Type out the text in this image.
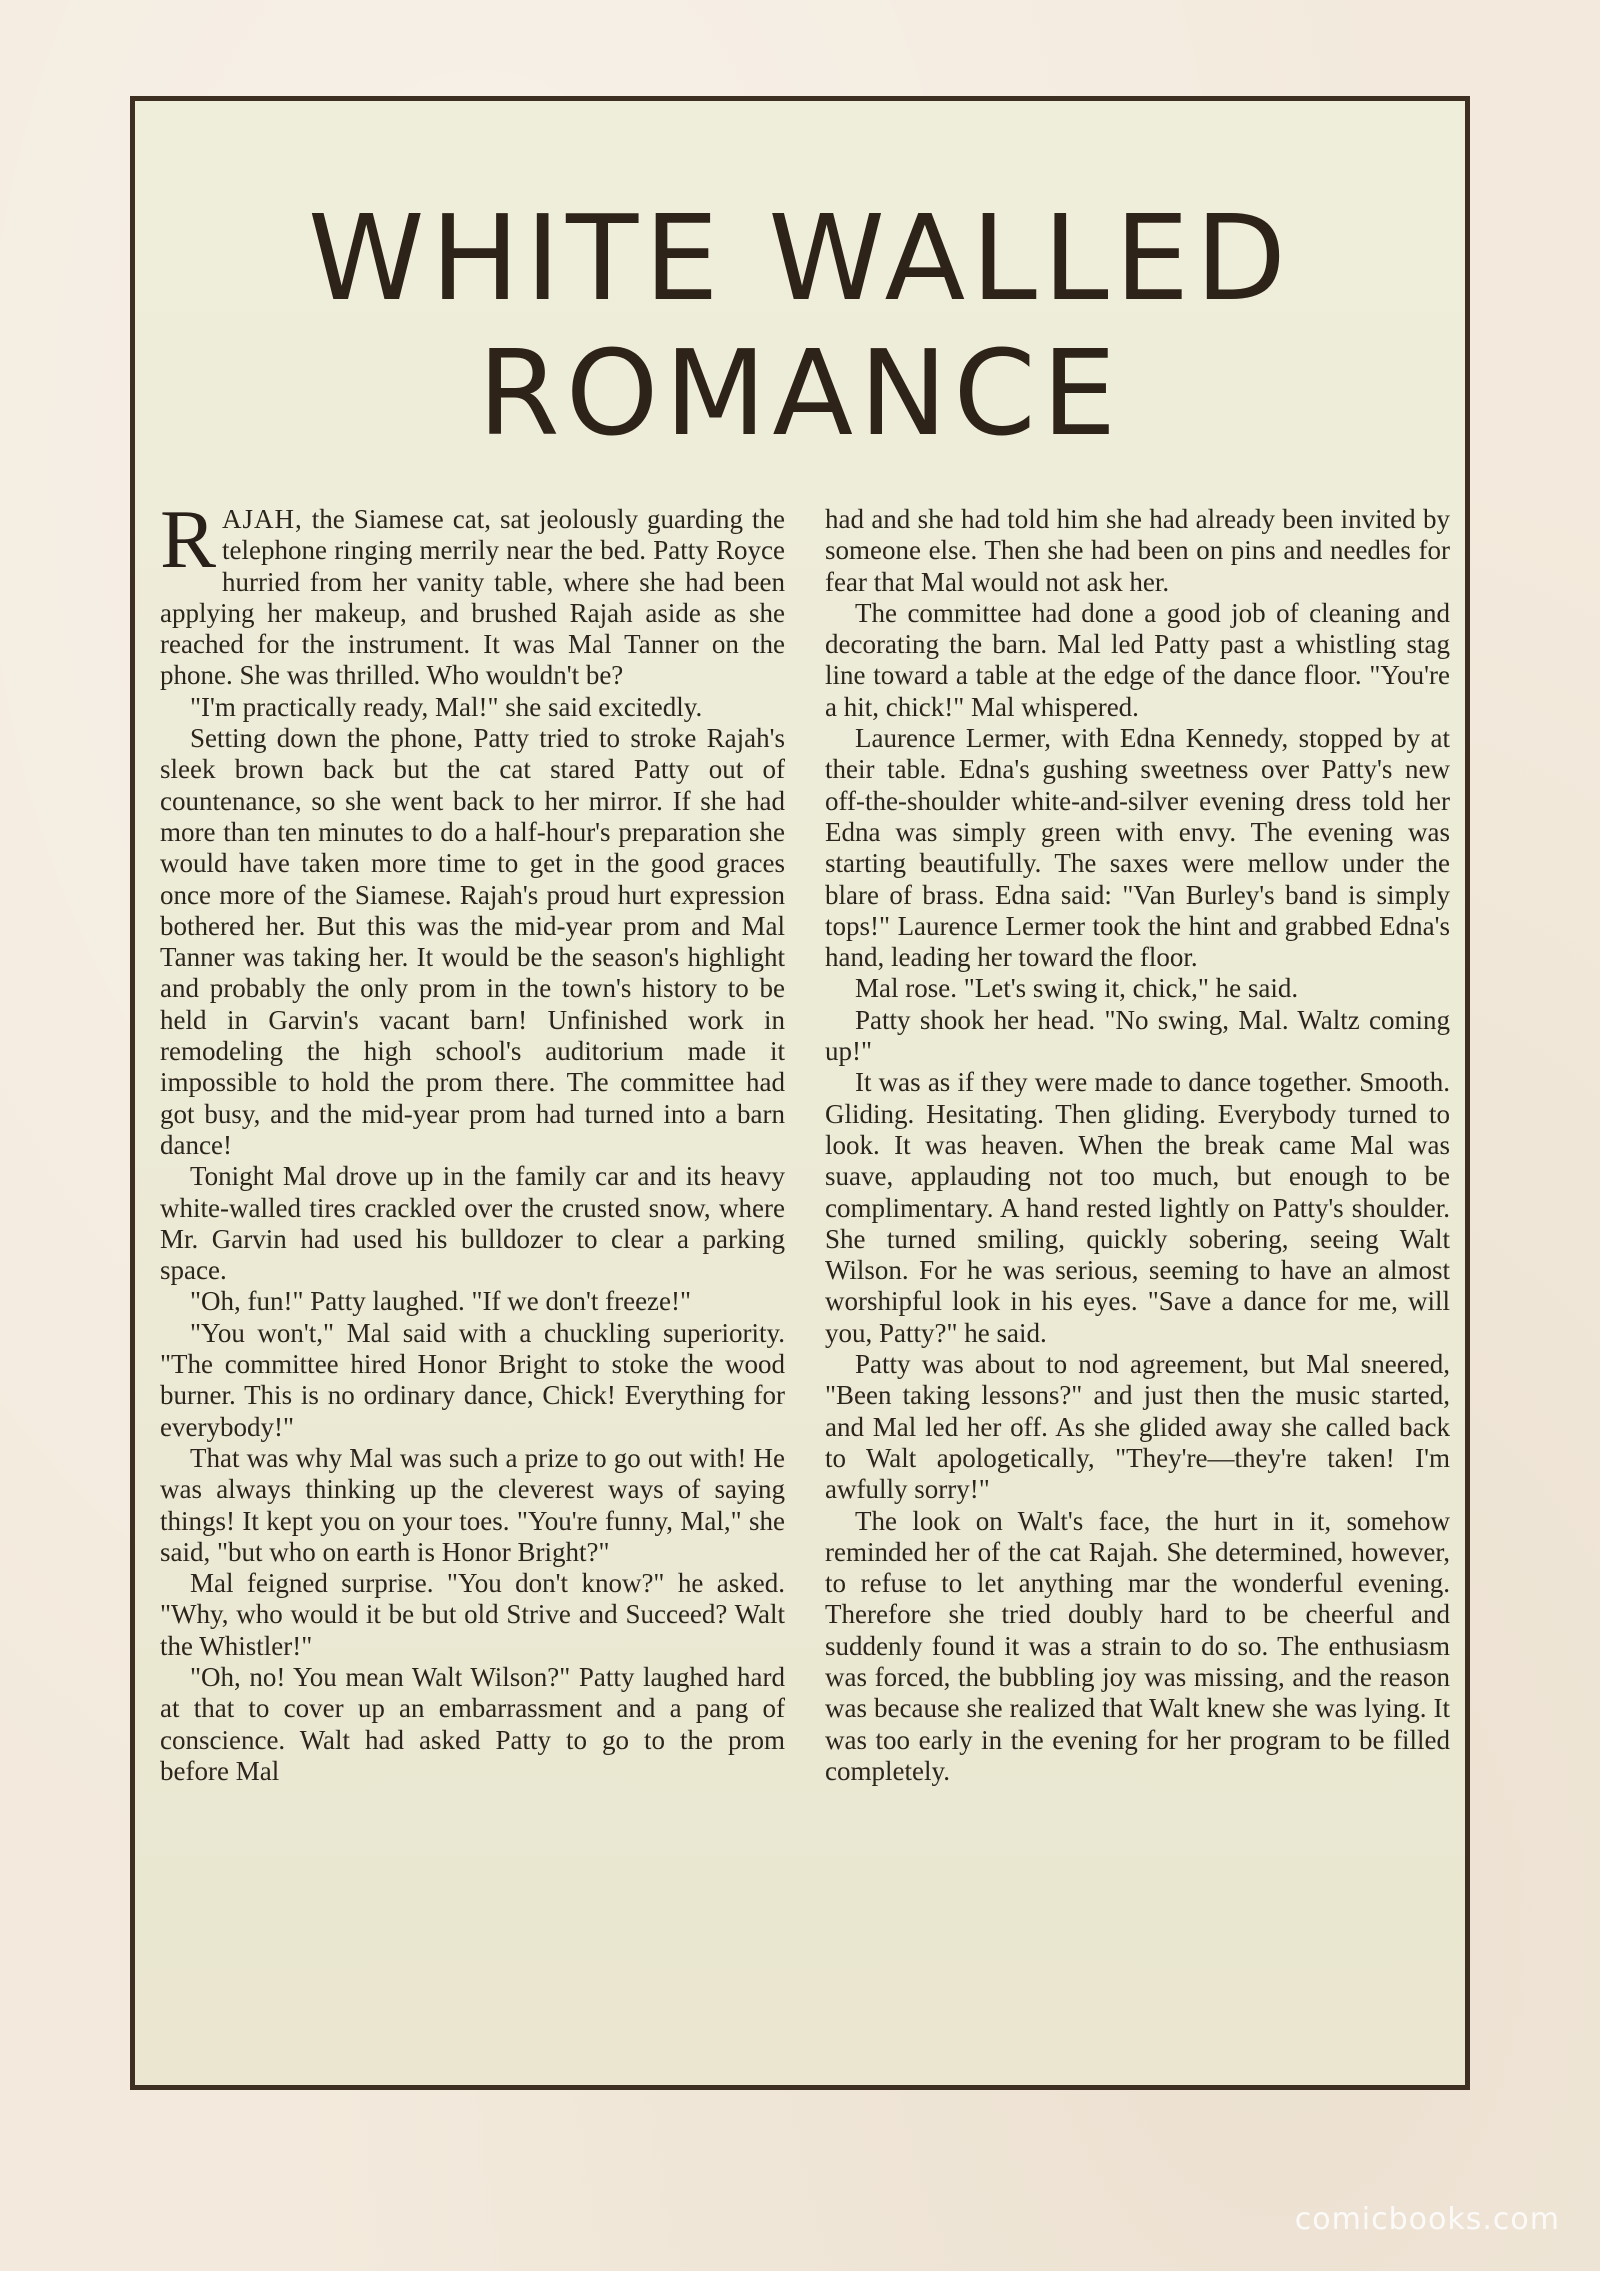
WHITE WALLED
ROMANCE

RAJAH, the Siamese cat, sat jeolously guarding the telephone ringing merrily near the bed. Patty Royce hurried from her vanity table, where she had been applying her makeup, and brushed Rajah aside as she reached for the instrument. It was Mal Tanner on the phone. She was thrilled. Who wouldn't be?

"I'm practically ready, Mal!" she said excitedly.

Setting down the phone, Patty tried to stroke Rajah's sleek brown back but the cat stared Patty out of countenance, so she went back to her mirror. If she had more than ten minutes to do a half-hour's preparation she would have taken more time to get in the good graces once more of the Siamese. Rajah's proud hurt expression bothered her. But this was the mid-year prom and Mal Tanner was taking her. It would be the season's highlight and probably the only prom in the town's history to be held in Garvin's vacant barn! Unfinished work in remodeling the high school's auditorium made it impossible to hold the prom there. The committee had got busy, and the mid-year prom had turned into a barn dance!

Tonight Mal drove up in the family car and its heavy white-walled tires crackled over the crusted snow, where Mr. Garvin had used his bulldozer to clear a parking space.

"Oh, fun!" Patty laughed. "If we don't freeze!"

"You won't," Mal said with a chuckling superiority. "The committee hired Honor Bright to stoke the wood burner. This is no ordinary dance, Chick! Everything for everybody!"

That was why Mal was such a prize to go out with! He was always thinking up the cleverest ways of saying things! It kept you on your toes. "You're funny, Mal," she said, "but who on earth is Honor Bright?"

Mal feigned surprise. "You don't know?" he asked. "Why, who would it be but old Strive and Succeed? Walt the Whistler!"

"Oh, no! You mean Walt Wilson?" Patty laughed hard at that to cover up an embarrassment and a pang of conscience. Walt had asked Patty to go to the prom before Mal

had and she had told him she had already been invited by someone else. Then she had been on pins and needles for fear that Mal would not ask her.

The committee had done a good job of cleaning and decorating the barn. Mal led Patty past a whistling stag line toward a table at the edge of the dance floor. "You're a hit, chick!" Mal whispered.

Laurence Lermer, with Edna Kennedy, stopped by at their table. Edna's gushing sweetness over Patty's new off-the-shoulder white-and-silver evening dress told her Edna was simply green with envy. The evening was starting beautifully. The saxes were mellow under the blare of brass. Edna said: "Van Burley's band is simply tops!" Laurence Lermer took the hint and grabbed Edna's hand, leading her toward the floor.

Mal rose. "Let's swing it, chick," he said.

Patty shook her head. "No swing, Mal. Waltz coming up!"

It was as if they were made to dance together. Smooth. Gliding. Hesitating. Then gliding. Everybody turned to look. It was heaven. When the break came Mal was suave, applauding not too much, but enough to be complimentary. A hand rested lightly on Patty's shoulder. She turned smiling, quickly sobering, seeing Walt Wilson. For he was serious, seeming to have an almost worshipful look in his eyes. "Save a dance for me, will you, Patty?" he said.

Patty was about to nod agreement, but Mal sneered, "Been taking lessons?" and just then the music started, and Mal led her off. As she glided away she called back to Walt apologetically, "They're—they're taken! I'm awfully sorry!"

The look on Walt's face, the hurt in it, somehow reminded her of the cat Rajah. She determined, however, to refuse to let anything mar the wonderful evening. Therefore she tried doubly hard to be cheerful and suddenly found it was a strain to do so. The enthusiasm was forced, the bubbling joy was missing, and the reason was because she realized that Walt knew she was lying. It was too early in the evening for her program to be filled completely.

comicbooks.com
